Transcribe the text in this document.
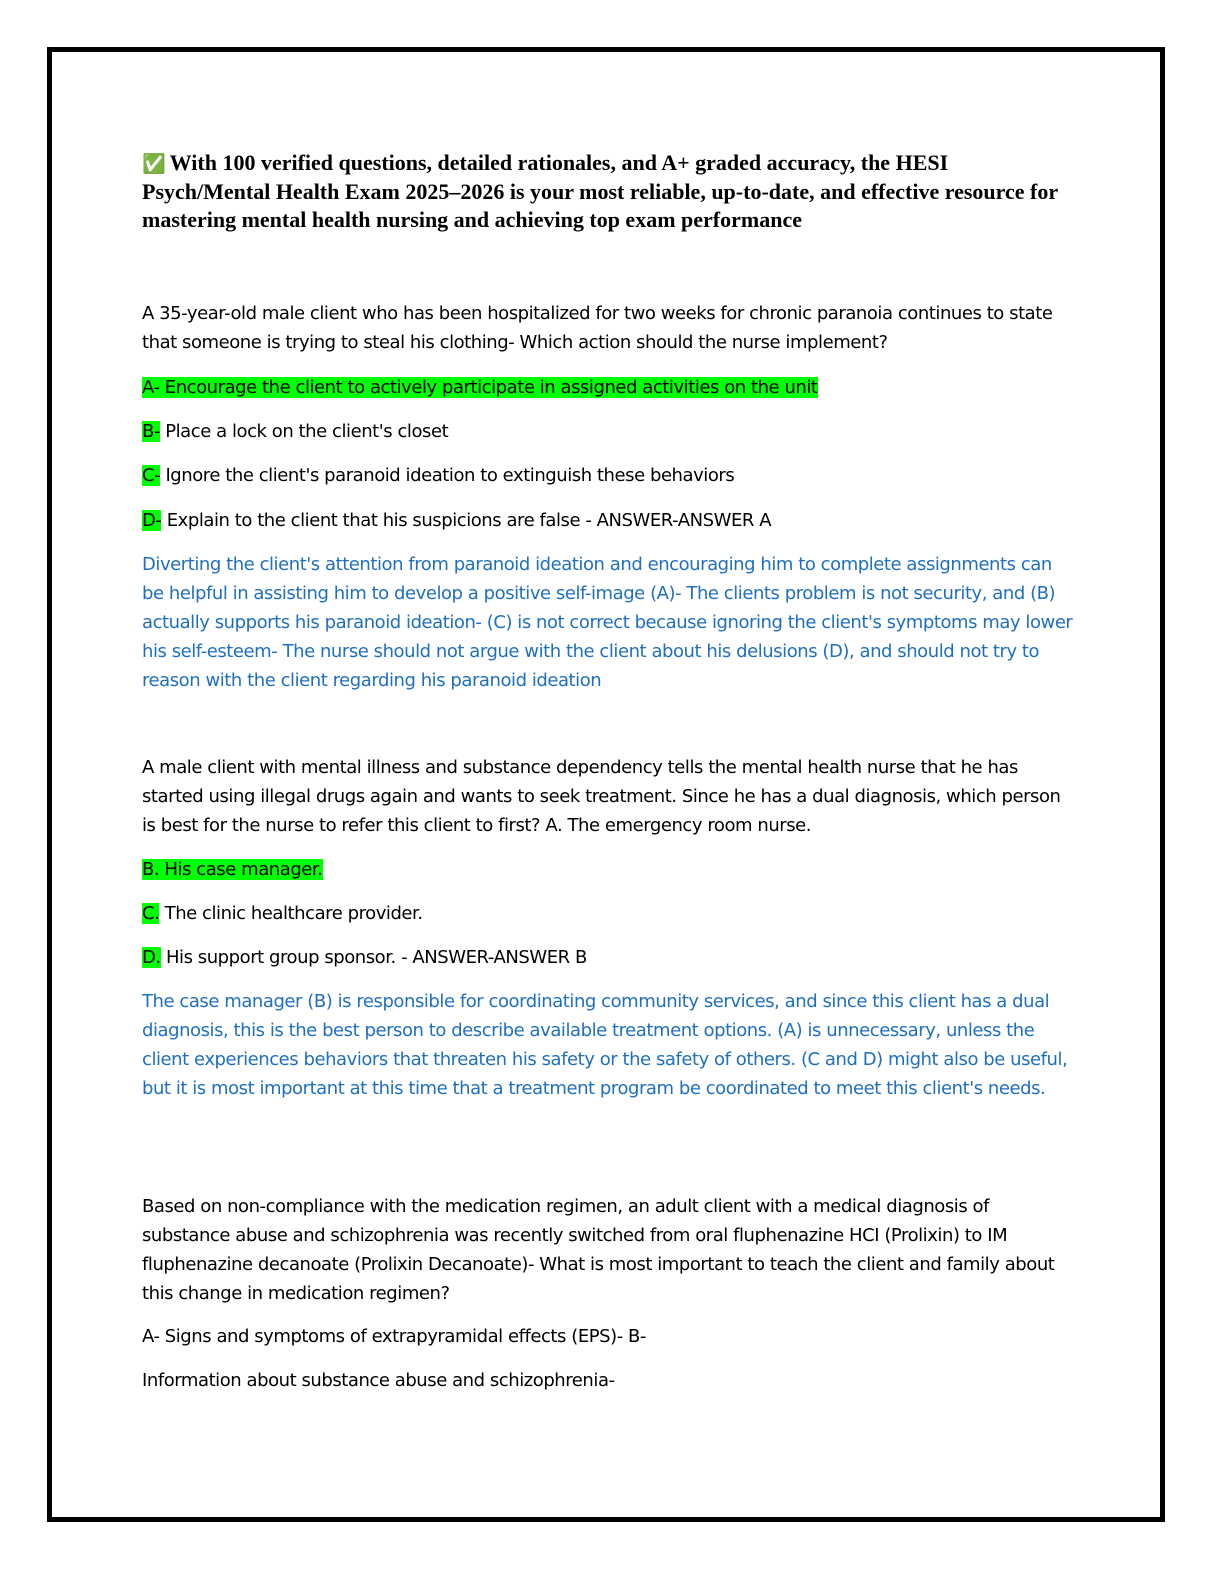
✅ With 100 verified questions, detailed rationales, and A+ graded accuracy, the HESI Psych/Mental Health Exam 2025–2026 is your most reliable, up-to-date, and effective resource for mastering mental health nursing and achieving top exam performance
A 35-year-old male client who has been hospitalized for two weeks for chronic paranoia continues to state that someone is trying to steal his clothing- Which action should the nurse implement?
A- Encourage the client to actively participate in assigned activities on the unit
B- Place a lock on the client's closet
C- Ignore the client's paranoid ideation to extinguish these behaviors
D- Explain to the client that his suspicions are false - ANSWER-ANSWER A
Diverting the client's attention from paranoid ideation and encouraging him to complete assignments can be helpful in assisting him to develop a positive self-image (A)- The clients problem is not security, and (B) actually supports his paranoid ideation- (C) is not correct because ignoring the client's symptoms may lower his self-esteem- The nurse should not argue with the client about his delusions (D), and should not try to reason with the client regarding his paranoid ideation
A male client with mental illness and substance dependency tells the mental health nurse that he has started using illegal drugs again and wants to seek treatment. Since he has a dual diagnosis, which person is best for the nurse to refer this client to first? A. The emergency room nurse.
B. His case manager.
C. The clinic healthcare provider.
D. His support group sponsor. - ANSWER-ANSWER B
The case manager (B) is responsible for coordinating community services, and since this client has a dual diagnosis, this is the best person to describe available treatment options. (A) is unnecessary, unless the client experiences behaviors that threaten his safety or the safety of others. (C and D) might also be useful, but it is most important at this time that a treatment program be coordinated to meet this client's needs.
Based on non-compliance with the medication regimen, an adult client with a medical diagnosis of substance abuse and schizophrenia was recently switched from oral fluphenazine HCI (Prolixin) to IM fluphenazine decanoate (Prolixin Decanoate)- What is most important to teach the client and family about this change in medication regimen?
A- Signs and symptoms of extrapyramidal effects (EPS)- B-
Information about substance abuse and schizophrenia-
